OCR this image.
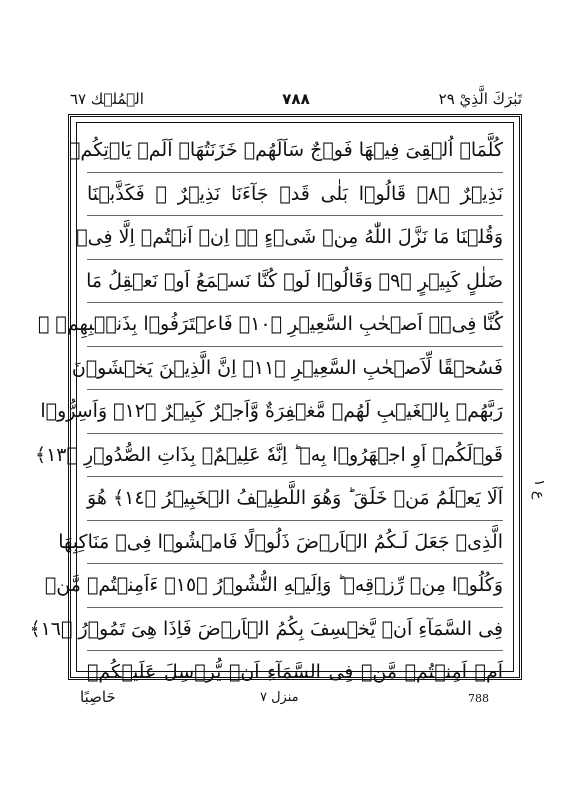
تَبٰرَكَ الَّذِيْ ٢٩
٧٨٨
الۡمُلۡك ٦٧
كُلَّمَاۤ اُلۡقِىَ فِيۡهَا فَوۡجٌ سَاَلَهُمۡ خَزَنَتُهَاۤ اَلَمۡ يَاۡتِكُمۡ
نَذِيۡرٌ ﴿٨﴾ قَالُوۡا بَلٰى قَدۡ جَآءَنَا نَذِيۡرٌ ۙ فَكَذَّبۡنَا
وَقُلۡنَا مَا نَزَّلَ اللّٰهُ مِنۡ شَىۡءٍ ۖۚ اِنۡ اَنۡتُمۡ اِلَّا فِىۡ
ضَلٰلٍ كَبِيۡرٍ ﴿٩﴾ وَقَالُوۡا لَوۡ كُنَّا نَسۡمَعُ اَوۡ نَعۡقِلُ مَا
كُنَّا فِىۡۤ اَصۡحٰبِ السَّعِيۡرِ ﴿١٠﴾ فَاعۡتَرَفُوۡا بِذَنۡۢبِهِمۡ ۚ
فَسُحۡقًا لِّاَصۡحٰبِ السَّعِيۡرِ ﴿١١﴾ اِنَّ الَّذِيۡنَ يَخۡشَوۡنَ
رَبَّهُمۡ بِالۡغَيۡبِ لَهُمۡ مَّغۡفِرَةٌ وَّاَجۡرٌ كَبِيۡرٌ ﴿١٢﴾ وَاَسِرُّوۡا
قَوۡلَكُمۡ اَوِ اجۡهَرُوۡا بِهٖ ؕ اِنَّهٗ عَلِيۡمٌۢ بِذَاتِ الصُّدُوۡرِ ﴿١٣﴾
اَلَا يَعۡلَمُ مَنۡ خَلَقَ ؕ وَهُوَ اللَّطِيۡفُ الۡخَبِيۡرُ ﴿١٤﴾ هُوَ
الَّذِىۡ جَعَلَ لَـكُمُ الۡاَرۡضَ ذَلُوۡلًا فَامۡشُوۡا فِىۡ مَنَاكِبِهَا
وَكُلُوۡا مِنۡ رِّزۡقِهٖ ؕ وَاِلَيۡهِ النُّشُوۡرُ ﴿١٥﴾ ءَاَمِنۡتُمۡ مَّنۡ
فِى السَّمَآءِ اَنۡ يَّخۡسِفَ بِكُمُ الۡاَرۡضَ فَاِذَا هِىَ تَمُوۡرُ ﴿١٦﴾
اَمۡ اَمِنۡتُمۡ مَّنۡ فِى السَّمَآءِ اَنۡ يُّرۡسِلَ عَلَيۡكُمۡ
ع ١
حَاصِبًا	منزل ٧	788
